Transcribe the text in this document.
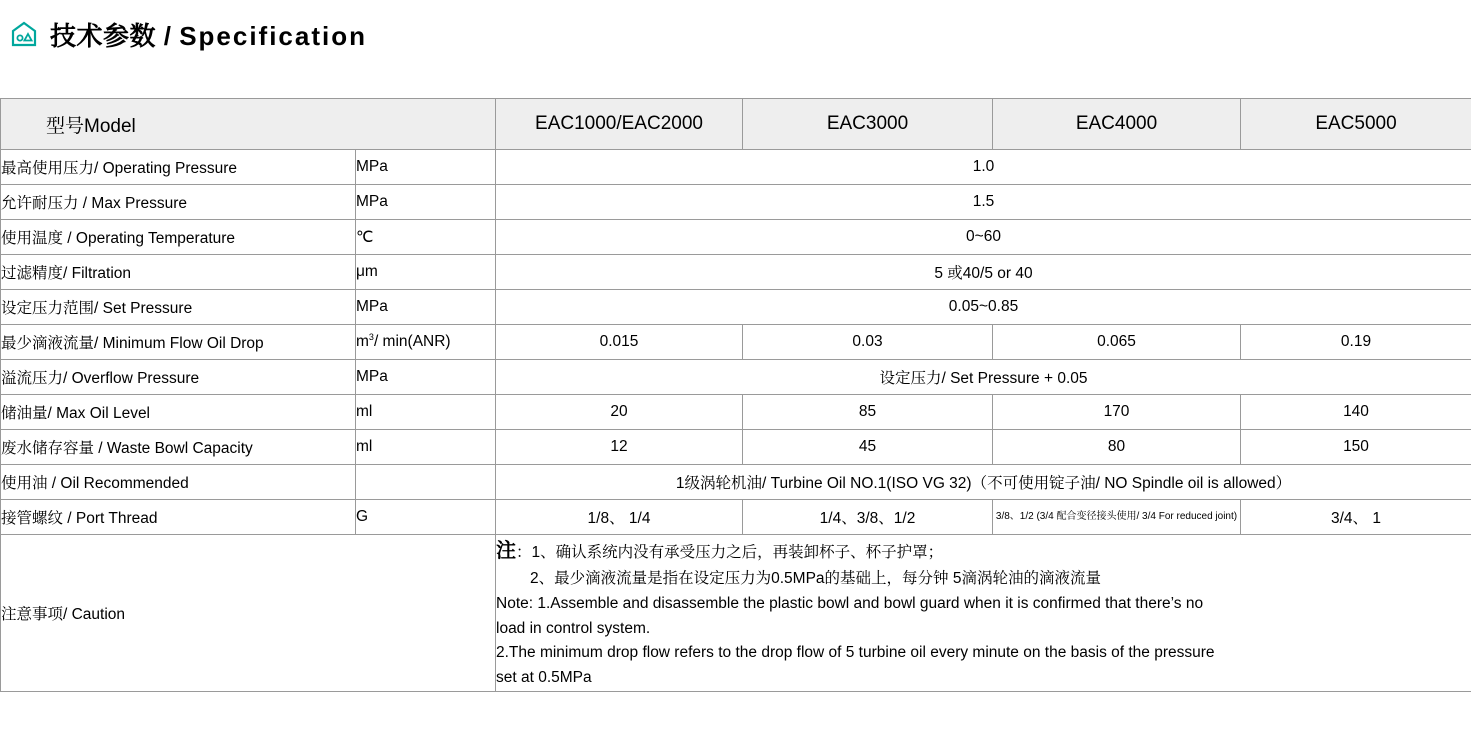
技术参数 / Specification
型号Model		EAC1000/EAC2000	EAC3000	EAC4000	EAC5000
最高使用压力/ Operating Pressure	MPa	1.0			
允许耐压力 / Max Pressure	MPa	1.5			
使用温度 / Operating Temperature	℃	0~60			
过滤精度/ Filtration	μm	5 或40/5 or 40			
设定压力范围/ Set Pressure	MPa	0.05~0.85			
最少滴液流量/ Minimum Flow Oil Drop	$m^3/$ min(ANR)	0.015	0.03	0.065	0.19
溢流压力/ Overflow Pressure	MPa	设定压力/ Set Pressure + 0.05			
储油量/ Max Oil Level	ml	20	85	170	140
废水储存容量 / Waste Bowl Capacity	ml	12	45	80	150
使用油 / Oil Recommended		1级涡轮机油/ Turbine Oil NO.1(ISO VG 32)（不可使用锭子油/ NO Spindle oil is allowed）			
接管螺纹 / Port Thread	G	1/8、 1/4	1/4、3/8、1/2	3/8、1/2 (3/4 配合变径接头使用/ 3/4 For reduced joint)	3/4、 1
注意事项/ Caution	
注：1、确认系统内没有承受压力之后，再装卸杯子、杯子护罩；
2、最少滴液流量是指在设定压力为0.5MPa的基础上，每分钟 5滴涡轮油的滴液流量
Note: 1.Assemble and disassemble the plastic bowl and bowl guard when it is confirmed that there’s no
load in control system.
2.The minimum drop flow refers to the drop flow of 5 turbine oil every minute on the basis of the pressure
set at 0.5MPa
